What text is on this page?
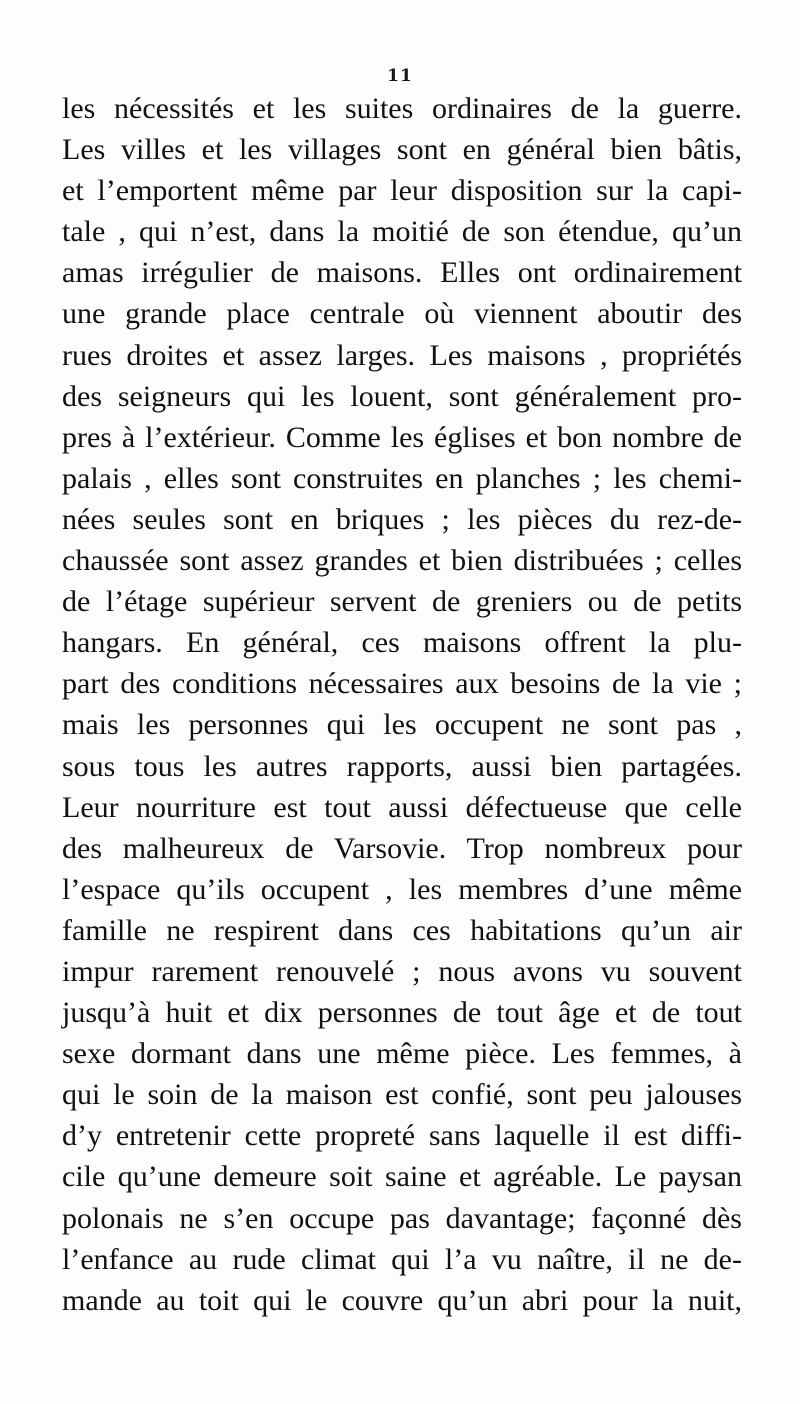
11
les nécessités et les suites ordinaires de la guerre.
Les villes et les villages sont en général bien bâtis,
et l’emportent même par leur disposition sur la capi-
tale , qui n’est, dans la moitié de son étendue, qu’un
amas irrégulier de maisons. Elles ont ordinairement
une grande place centrale où viennent aboutir des
rues droites et assez larges. Les maisons , propriétés
des seigneurs qui les louent, sont généralement pro-
pres à l’extérieur. Comme les églises et bon nombre de
palais , elles sont construites en planches ; les chemi-
nées seules sont en briques ; les pièces du rez-de-
chaussée sont assez grandes et bien distribuées ; celles
de l’étage supérieur servent de greniers ou de petits
hangars. En général, ces maisons offrent la plu-
part des conditions nécessaires aux besoins de la vie ;
mais les personnes qui les occupent ne sont pas ,
sous tous les autres rapports, aussi bien partagées.
Leur nourriture est tout aussi défectueuse que celle
des malheureux de Varsovie. Trop nombreux pour
l’espace qu’ils occupent , les membres d’une même
famille ne respirent dans ces habitations qu’un air
impur rarement renouvelé ; nous avons vu souvent
jusqu’à huit et dix personnes de tout âge et de tout
sexe dormant dans une même pièce. Les femmes, à
qui le soin de la maison est confié, sont peu jalouses
d’y entretenir cette propreté sans laquelle il est diffi-
cile qu’une demeure soit saine et agréable. Le paysan
polonais ne s’en occupe pas davantage; façonné dès
l’enfance au rude climat qui l’a vu naître, il ne de-
mande au toit qui le couvre qu’un abri pour la nuit,
